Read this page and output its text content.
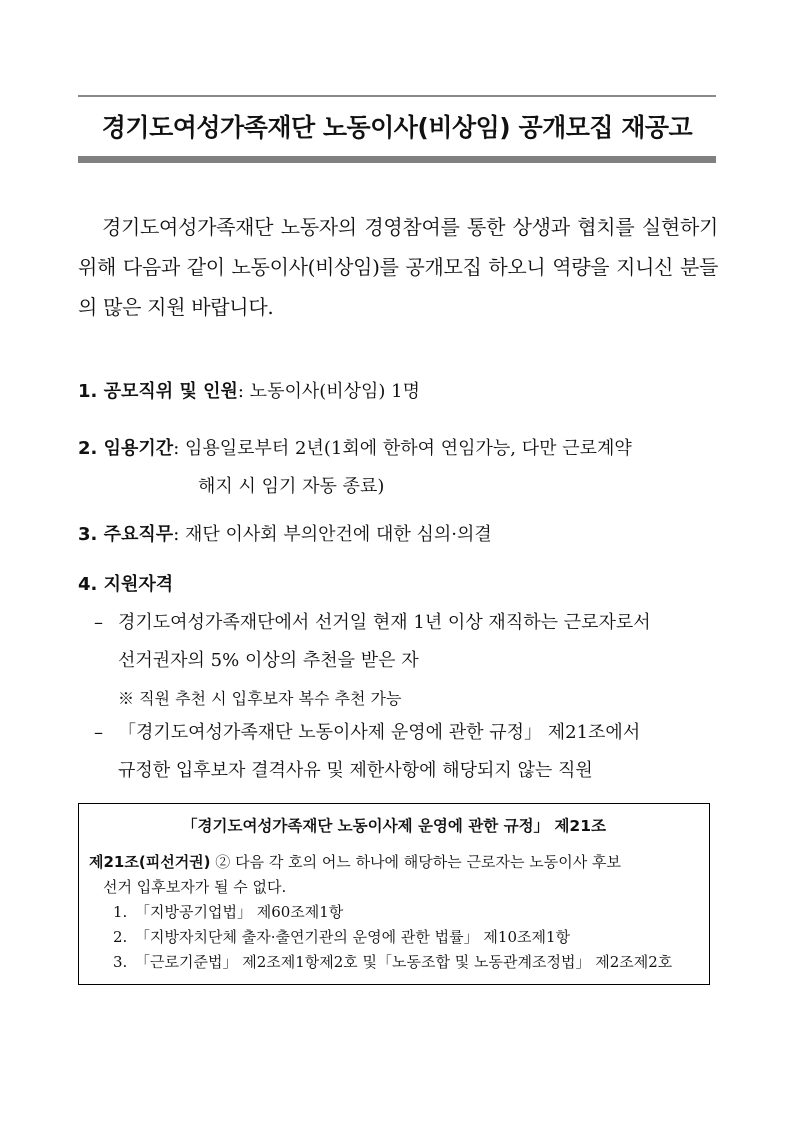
경기도여성가족재단 노동이사(비상임) 공개모집 재공고
경기도여성가족재단 노동자의 경영참여를 통한 상생과 협치를 실현하기 위해 다음과 같이 노동이사(비상임)를 공개모집 하오니 역량을 지니신 분들의 많은 지원 바랍니다.
1. 공모직위 및 인원: 노동이사(비상임) 1명
2. 임용기간: 임용일로부터 2년(1회에 한하여 연임가능, 다만 근로계약
해지 시 임기 자동 종료)
3. 주요직무: 재단 이사회 부의안건에 대한 심의·의결
4. 지원자격
– 경기도여성가족재단에서 선거일 현재 1년 이상 재직하는 근로자로서
선거권자의 5% 이상의 추천을 받은 자
※ 직원 추천 시 입후보자 복수 추천 가능
– 「경기도여성가족재단 노동이사제 운영에 관한 규정」 제21조에서
규정한 입후보자 결격사유 및 제한사항에 해당되지 않는 직원
「경기도여성가족재단 노동이사제 운영에 관한 규정」 제21조
제21조(피선거권) ② 다음 각 호의 어느 하나에 해당하는 근로자는 노동이사 후보
선거 입후보자가 될 수 없다.
1. 「지방공기업법」 제60조제1항
2. 「지방자치단체 출자·출연기관의 운영에 관한 법률」 제10조제1항
3. 「근로기준법」 제2조제1항제2호 및「노동조합 및 노동관계조정법」 제2조제2호
